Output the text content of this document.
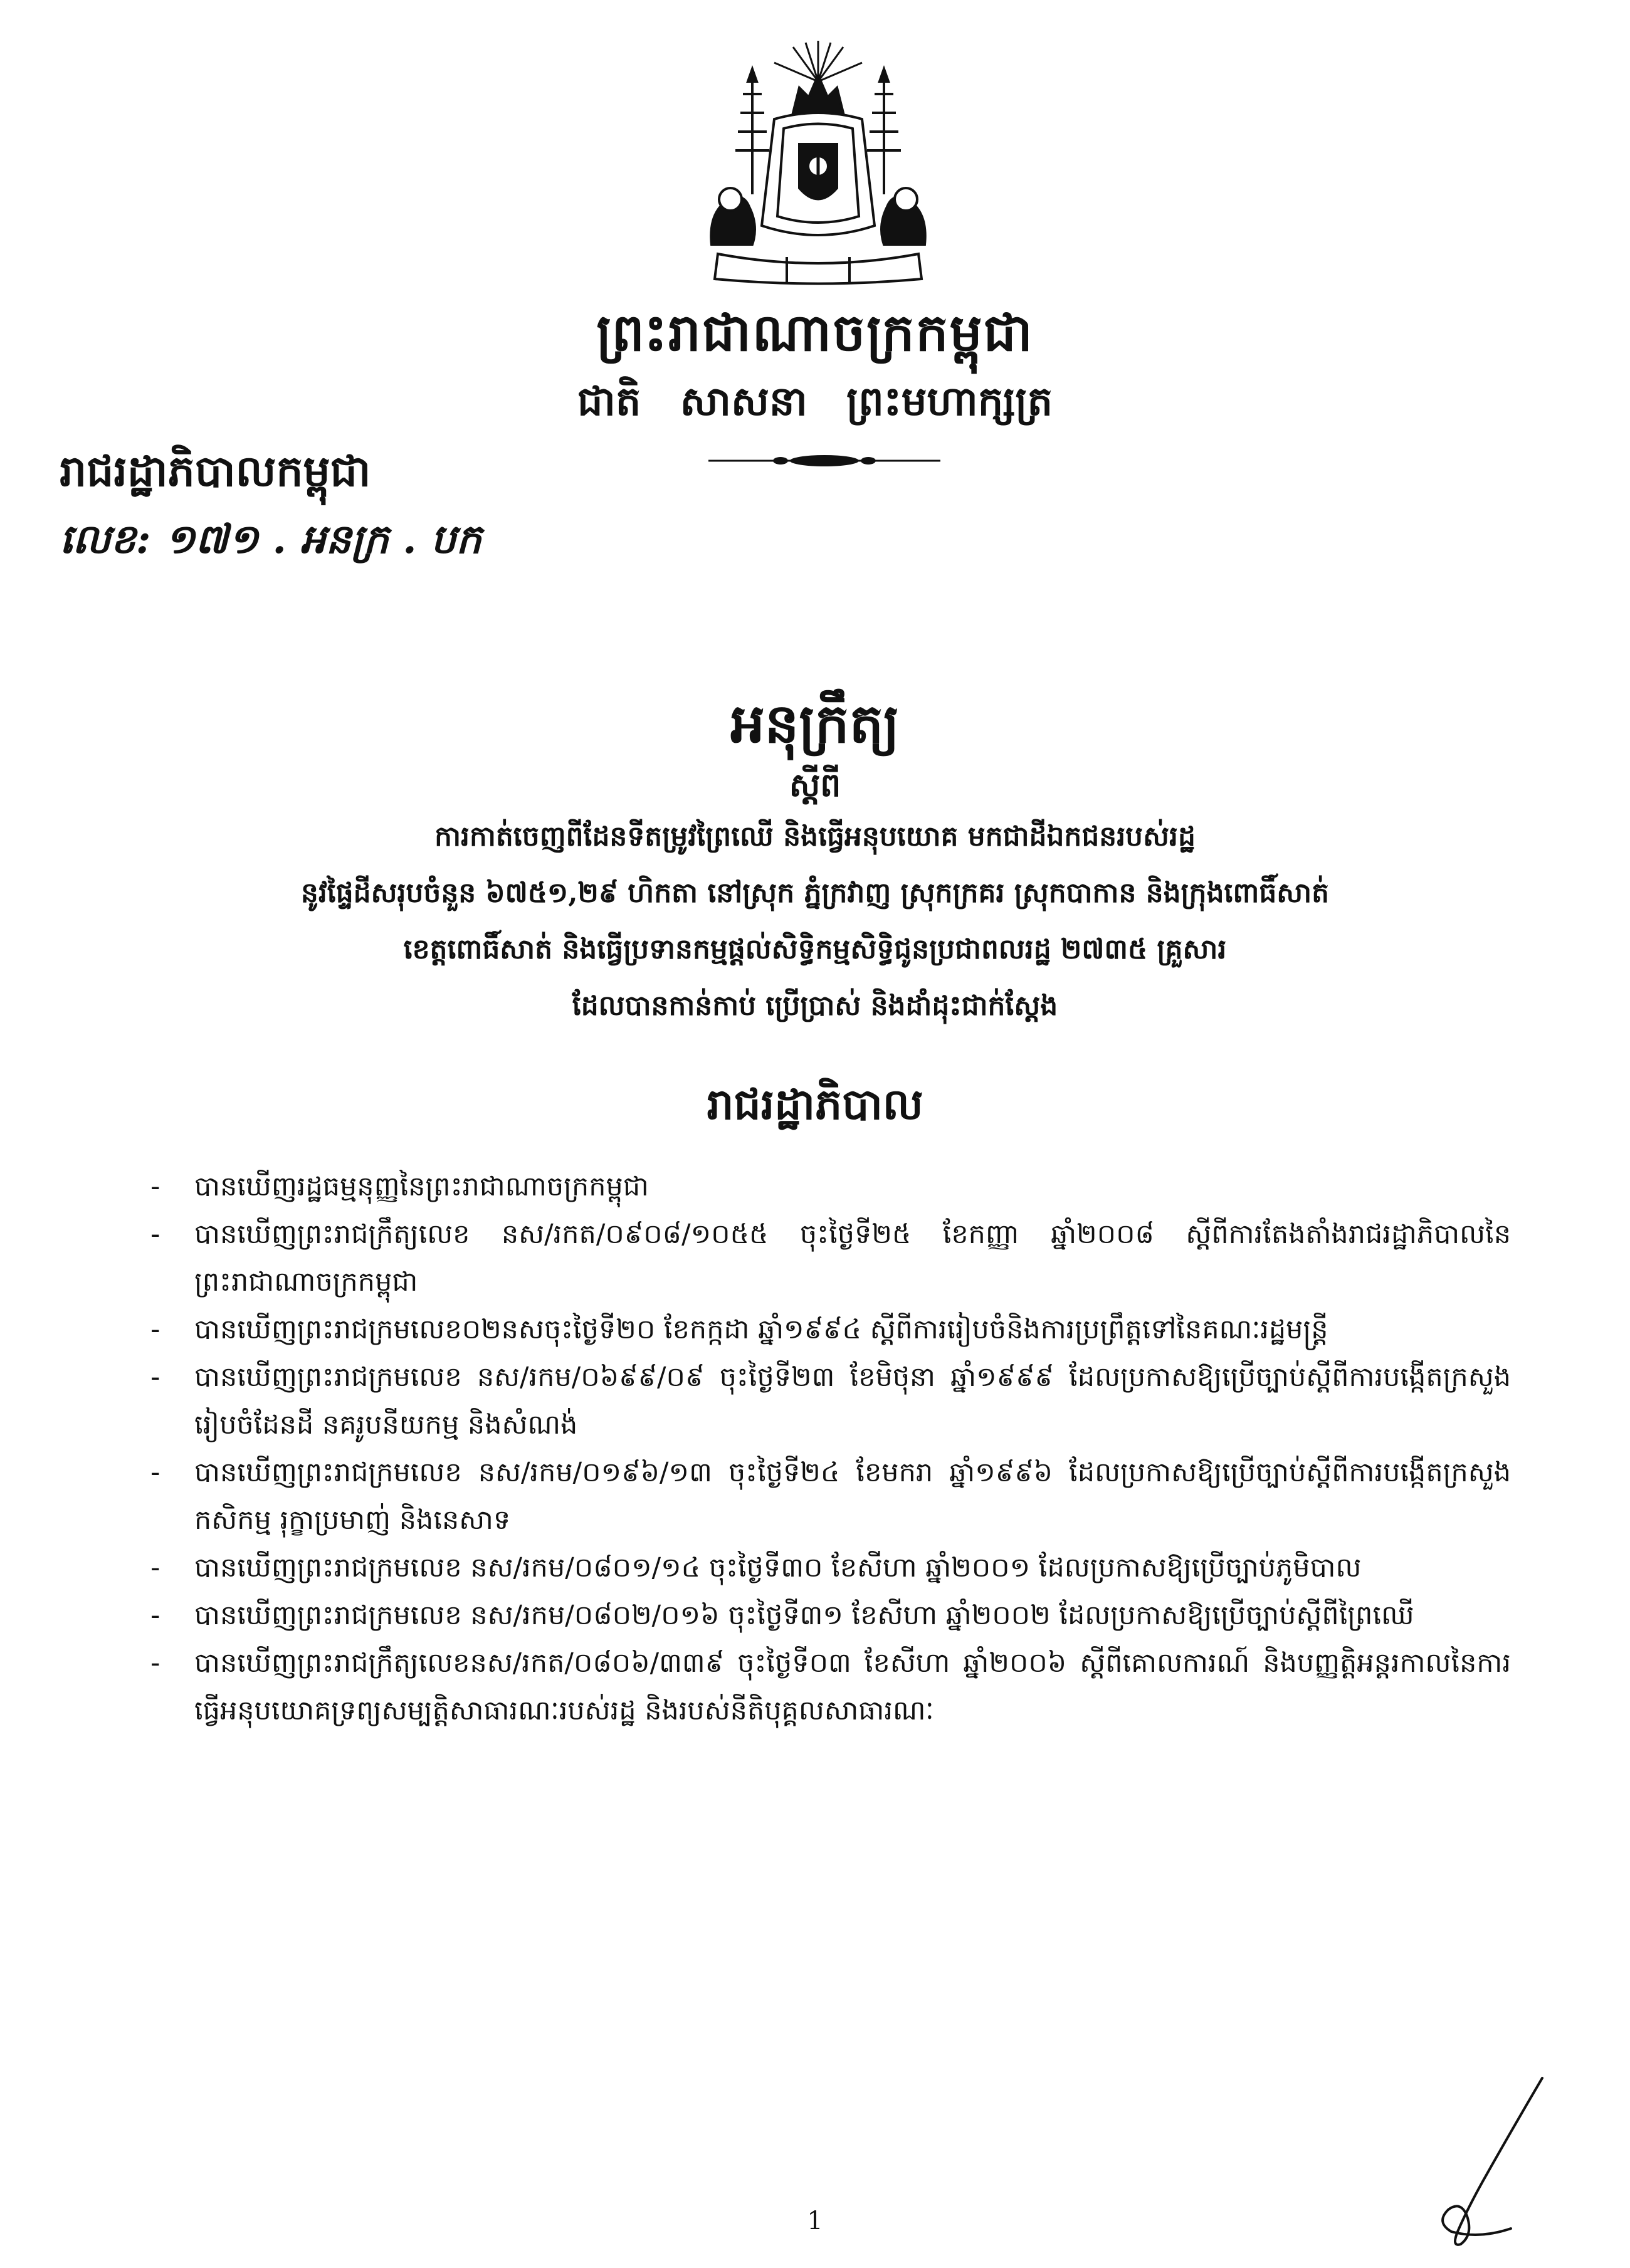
ព្រះរាជាណាចក្រកម្ពុជា
ជាតិ សាសនា ព្រះមហាក្សត្រ
រាជរដ្ឋាភិបាលកម្ពុជា
លេខ: ១៧១ . អនក្រ . បក
អនុក្រឹត្យ
ស្តីពី
ការកាត់ចេញពីដែនទីតម្រូវព្រៃឈើ និងធ្វើអនុបយោគ មកជាដីឯកជនរបស់រដ្ឋ
នូវផ្ទៃដីសរុបចំនួន ៦៧៥១,២៩ ហិកតា នៅស្រុក ភ្នំក្រវាញ ស្រុកក្រគរ ស្រុកបាកាន និងក្រុងពោធិ៍សាត់
ខេត្តពោធិ៍សាត់ និងធ្វើប្រទានកម្មផ្តល់សិទ្ធិកម្មសិទ្ធិជូនប្រជាពលរដ្ឋ ២៧៣៥ គ្រួសារ
ដែលបានកាន់កាប់ ប្រើប្រាស់ និងដាំដុះជាក់ស្តែង
រាជរដ្ឋាភិបាល
- បានឃើញរដ្ឋធម្មនុញ្ញនៃព្រះរាជាណាចក្រកម្ពុជា
- បានឃើញព្រះរាជក្រឹត្យលេខ នស/រកត/០៩០៨/១០៥៥ ចុះថ្ងៃទី២៥ ខែកញ្ញា ឆ្នាំ២០០៨ ស្តីពីការតែងតាំងរាជរដ្ឋាភិបាលនៃព្រះរាជាណាចក្រកម្ពុជា
- បានឃើញព្រះរាជក្រមលេខ០២នសចុះថ្ងៃទី២០ ខែកក្កដា ឆ្នាំ១៩៩៤ ស្តីពីការរៀបចំនិងការប្រព្រឹត្តទៅនៃគណៈរដ្ឋមន្ត្រី
- បានឃើញព្រះរាជក្រមលេខ នស/រកម/០៦៩៩/០៩ ចុះថ្ងៃទី២៣ ខែមិថុនា ឆ្នាំ១៩៩៩ ដែលប្រកាសឱ្យប្រើច្បាប់ស្តីពីការបង្កើតក្រសួងរៀបចំដែនដី នគរូបនីយកម្ម និងសំណង់
- បានឃើញព្រះរាជក្រមលេខ នស/រកម/០១៩៦/១៣ ចុះថ្ងៃទី២៤ ខែមករា ឆ្នាំ១៩៩៦ ដែលប្រកាសឱ្យប្រើច្បាប់ស្តីពីការបង្កើតក្រសួងកសិកម្ម រុក្ខាប្រមាញ់ និងនេសាទ
- បានឃើញព្រះរាជក្រមលេខ នស/រកម/០៨០១/១៤ ចុះថ្ងៃទី៣០ ខែសីហា ឆ្នាំ២០០១ ដែលប្រកាសឱ្យប្រើច្បាប់ភូមិបាល
- បានឃើញព្រះរាជក្រមលេខ នស/រកម/០៨០២/០១៦ ចុះថ្ងៃទី៣១ ខែសីហា ឆ្នាំ២០០២ ដែលប្រកាសឱ្យប្រើច្បាប់ស្តីពីព្រៃឈើ
- បានឃើញព្រះរាជក្រឹត្យលេខនស/រកត/០៨០៦/៣៣៩ ចុះថ្ងៃទី០៣ ខែសីហា ឆ្នាំ២០០៦ ស្តីពីគោលការណ៍ និងបញ្ញត្តិអន្តរកាលនៃការធ្វើអនុបយោគទ្រព្យសម្បត្តិសាធារណៈរបស់រដ្ឋ និងរបស់នីតិបុគ្គលសាធារណៈ
1
